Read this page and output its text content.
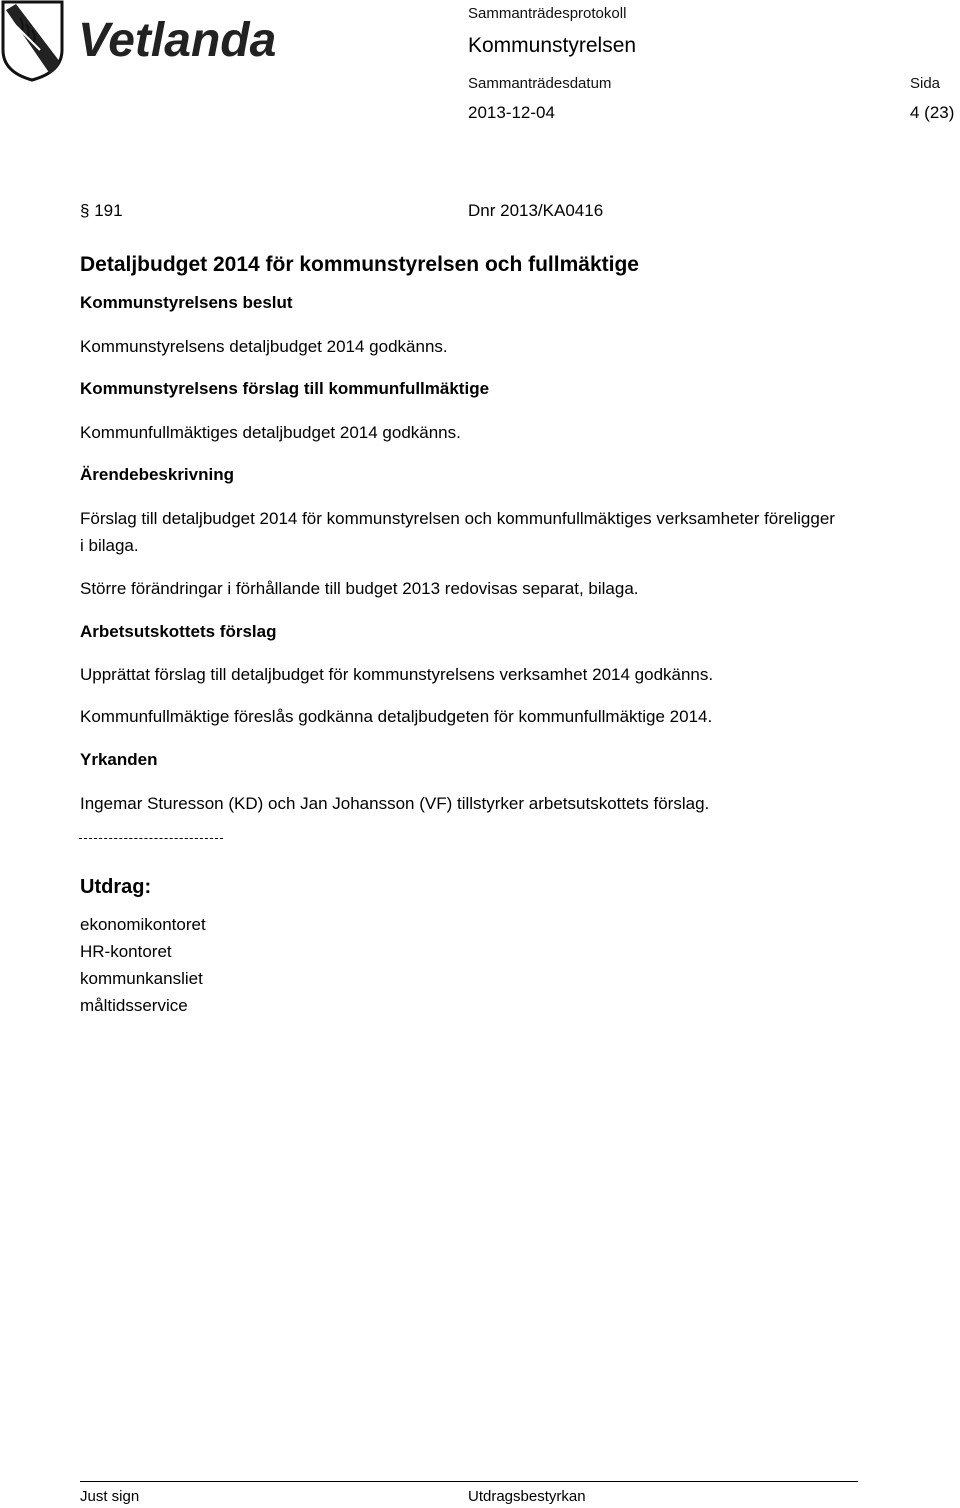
Vetlanda
Sammanträdesprotokoll
Kommunstyrelsen
Sammanträdesdatum
2013-12-04
Sida
4 (23)
§ 191	Dnr 2013/KA0416
Detaljbudget 2014 för kommunstyrelsen och fullmäktige
Kommunstyrelsens beslut
Kommunstyrelsens detaljbudget 2014 godkänns.
Kommunstyrelsens förslag till kommunfullmäktige
Kommunfullmäktiges detaljbudget 2014 godkänns.
Ärendebeskrivning
Förslag till detaljbudget 2014 för kommunstyrelsen och kommunfullmäktiges verksamheter föreligger i bilaga.
Större förändringar i förhållande till budget 2013 redovisas separat, bilaga.
Arbetsutskottets förslag
Upprättat förslag till detaljbudget för kommunstyrelsens verksamhet 2014 godkänns.
Kommunfullmäktige föreslås godkänna detaljbudgeten för kommunfullmäktige 2014.
Yrkanden
Ingemar Sturesson (KD) och Jan Johansson (VF) tillstyrker arbetsutskottets förslag.
Utdrag:
ekonomikontoret
HR-kontoret
kommunkansliet
måltidsservice
Just sign	Utdragsbestyrkan
